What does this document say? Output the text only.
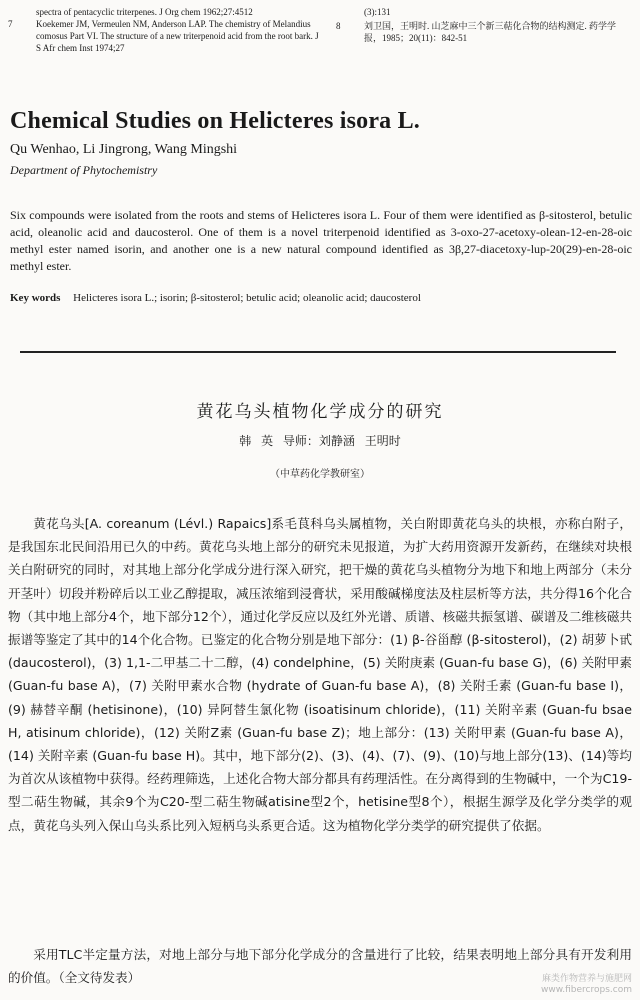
spectra of pentacyclic triterpenes. J Org chem 1962;27:4512
7	Koekemer JM, Vermeulen NM, Anderson LAP. The chemistry of Melandius comosus Part VI. The structure of a new triterpenoid acid from the root bark. J S Afr chem Inst 1974;27
(3):131
8	刘卫国，王明时. 山芝麻中三个新三萜化合物的结构测定. 药学学报，1985；20(11)：842-51
Chemical Studies on Helicteres isora L.
Qu Wenhao, Li Jingrong, Wang Mingshi
Department of Phytochemistry
Six compounds were isolated from the roots and stems of Helicteres isora L. Four of them were identified as β-sitosterol, betulic acid, oleanolic acid and daucosterol. One of them is a novel triterpenoid identified as 3-oxo-27-acetoxy-olean-12-en-28-oic methyl ester named isorin, and another one is a new natural compound identified as 3β,27-diacetoxy-lup-20(29)-en-28-oic methyl ester.
Key words Helicteres isora L.; isorin; β-sitosterol; betulic acid; oleanolic acid; daucosterol
黄花乌头植物化学成分的研究
韩 英 导师：刘静涵 王明时
（中草药化学教研室）

黄花乌头[A. coreanum (Lévl.) Rapaics]系毛茛科乌头属植物，关白附即黄花乌头的块根，亦称白附子，是我国东北民间沿用已久的中药。黄花乌头地上部分的研究未见报道，为扩大药用资源开发新药，在继续对块根关白附研究的同时，对其地上部分化学成分进行深入研究，把干燥的黄花乌头植物分为地下和地上两部分（未分开茎叶）切段并粉碎后以工业乙醇提取，减压浓缩到浸膏状，采用酸碱梯度法及柱层析等方法，共分得16个化合物（其中地上部分4个，地下部分12个），通过化学反应以及红外光谱、质谱、核磁共振氢谱、碳谱及二维核磁共振谱等鉴定了其中的14个化合物。已鉴定的化合物分别是地下部分：(1) β-谷甾醇 (β-sitosterol)，(2) 胡萝卜甙 (daucosterol)，(3) 1,1-二甲基二十二醇，(4) condelphine，(5) 关附庚素 (Guan-fu base G)，(6) 关附甲素 (Guan-fu base A)，(7) 关附甲素水合物 (hydrate of Guan-fu base A)，(8) 关附壬素 (Guan-fu base I)，(9) 赫替辛酮 (hetisinone)，(10) 异阿替生氯化物 (isoatisinum chloride)，(11) 关附辛素 (Guan-fu bsae H, atisinum chloride)，(12) 关附Z素 (Guan-fu base Z)；地上部分：(13) 关附甲素 (Guan-fu base A)，(14) 关附辛素 (Guan-fu base H)。其中，地下部分(2)、(3)、(4)、(7)、(9)、(10)与地上部分(13)、(14)等均为首次从该植物中获得。经药理筛选，上述化合物大部分都具有药理活性。在分离得到的生物碱中，一个为C19-型二萜生物碱，其余9个为C20-型二萜生物碱atisine型2个，hetisine型8个），根据生源学及化学分类学的观点，黄花乌头列入保山乌头系比列入短柄乌头系更合适。这为植物化学分类学的研究提供了依据。

采用TLC半定量方法，对地上部分与地下部分化学成分的含量进行了比较，结果表明地上部分具有开发利用的价值。（全文待发表）	麻类作物营养与施肥网
www.fibercrops.com
